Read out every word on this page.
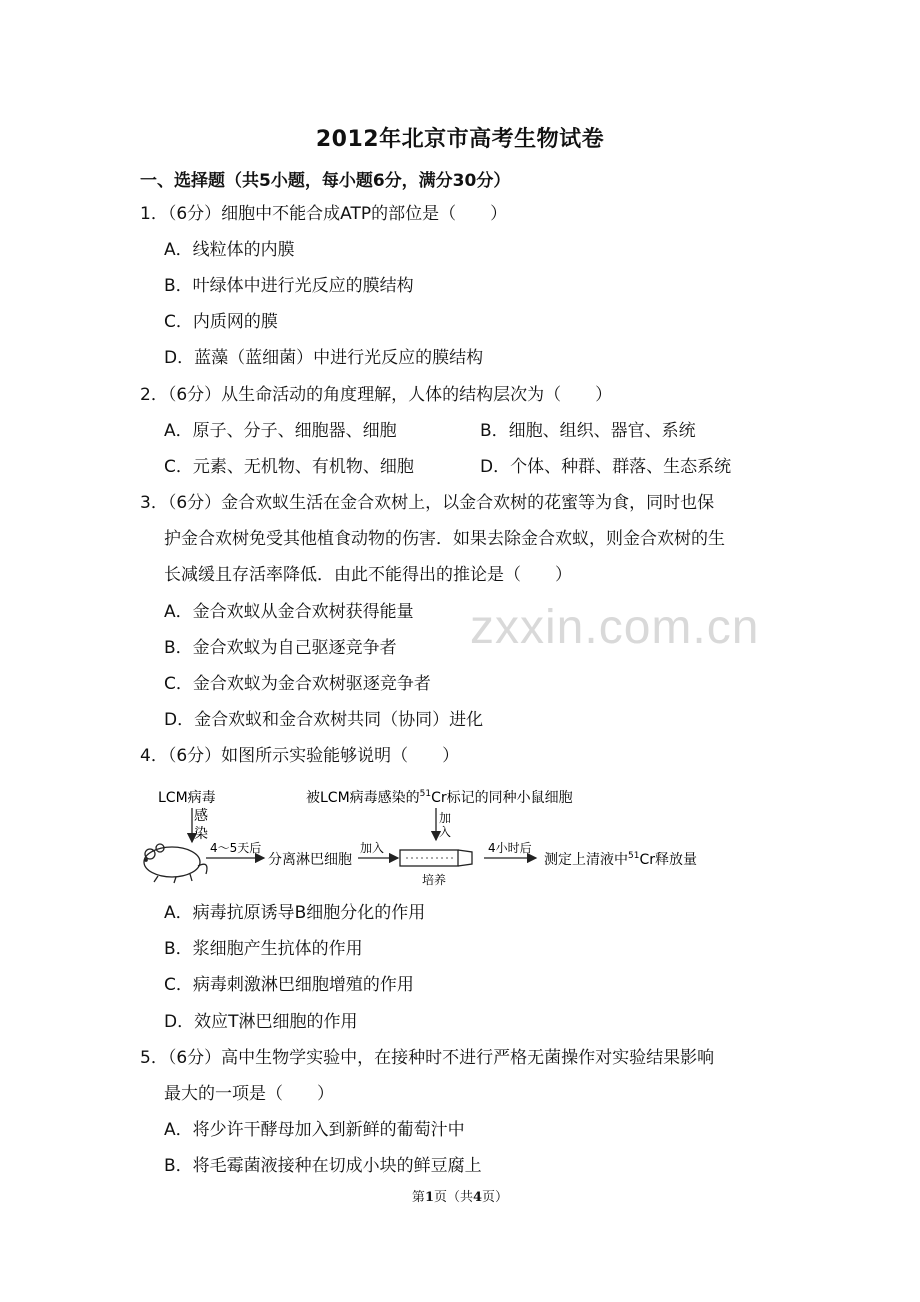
2012年北京市高考生物试卷
一、选择题（共5小题，每小题6分，满分30分）
1．（6分）细胞中不能合成ATP的部位是（　　）
A．线粒体的内膜
B．叶绿体中进行光反应的膜结构
C．内质网的膜
D．蓝藻（蓝细菌）中进行光反应的膜结构
2．（6分）从生命活动的角度理解，人体的结构层次为（　　）
A．原子、分子、细胞器、细胞	B．细胞、组织、器官、系统
C．元素、无机物、有机物、细胞	D．个体、种群、群落、生态系统
3．（6分）金合欢蚁生活在金合欢树上，以金合欢树的花蜜等为食，同时也保
护金合欢树免受其他植食动物的伤害．如果去除金合欢蚁，则金合欢树的生
长减缓且存活率降低．由此不能得出的推论是（　　）
A．金合欢蚁从金合欢树获得能量
B．金合欢蚁为自己驱逐竞争者
C．金合欢蚁为金合欢树驱逐竞争者
D．金合欢蚁和金合欢树共同（协同）进化
4．（6分）如图所示实验能够说明（　　）
LCM病毒
感
染
4～5天后
分离淋巴细胞
加入
被LCM病毒感染的$^{51}$Cr标记的同种小鼠细胞
加
入
培养
4小时后
测定上清液中$^{51}$Cr释放量
A．病毒抗原诱导B细胞分化的作用
B．浆细胞产生抗体的作用
C．病毒刺激淋巴细胞增殖的作用
D．效应T淋巴细胞的作用
5．（6分）高中生物学实验中，在接种时不进行严格无菌操作对实验结果影响
最大的一项是（　　）
A．将少许干酵母加入到新鲜的葡萄汁中
B．将毛霉菌液接种在切成小块的鲜豆腐上
zxxin.com.cn
第1页（共4页）
